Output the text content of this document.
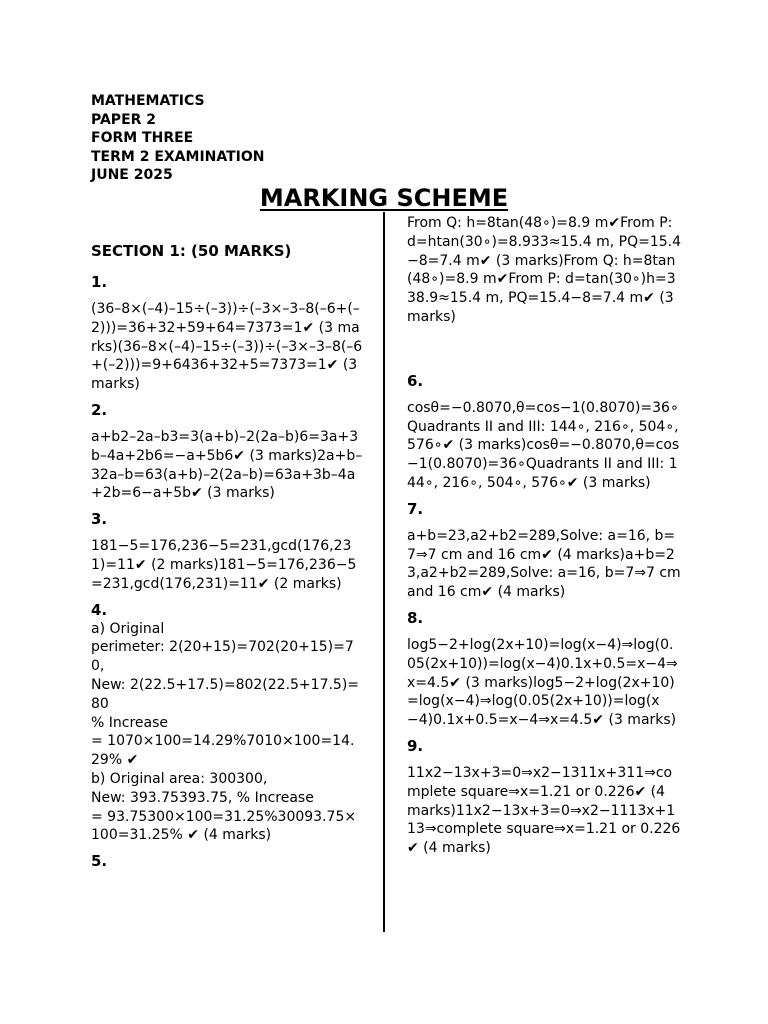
MATHEMATICS
PAPER 2
FORM THREE
TERM 2 EXAMINATION
JUNE 2025
MARKING SCHEME
SECTION 1: (50 MARKS)
1.
(36–8×(–4)–15÷(–3))÷(–3×–3–8(–6+(–2)))=36+32+59+64=7373=1✔ (3 marks)(36–8×(–4)–15÷(–3))÷(–3×–3–8(–6+(–2)))=9+6436+32+5=7373=1✔ (3 marks)
2.
a+b2–2a–b3=3(a+b)–2(2a–b)6=3a+3b–4a+2b6=−a+5b6✔ (3 marks)2a+b–32a–b=63(a+b)–2(2a–b)=63a+3b–4a+2b=6−a+5b✔ (3 marks)
3.
181−5=176,236−5=231,gcd(176,231)=11✔ (2 marks)181−5=176,236−5=231,gcd(176,231)=11✔ (2 marks)
4.
a) Original
perimeter: 2(20+15)=702(20+15)=70,
New: 2(22.5+17.5)=802(22.5+17.5)=80
% Increase
= 1070×100=14.29%7010×100=14.29% ✔
b) Original area: 300300,
New: 393.75393.75, % Increase
= 93.75300×100=31.25%30093.75×100=31.25% ✔ (4 marks)
5.
From Q: h=8tan(48∘)=8.9 m✔From P: d=htan(30∘)=8.933≈15.4 m, PQ=15.4−8=7.4 m✔ (3 marks)From Q: h=8tan(48∘)=8.9 m✔From P: d=tan(30∘)h=338.9≈15.4 m, PQ=15.4−8=7.4 m✔ (3 marks)
6.
cosθ=−0.8070,θ=cos−1(0.8070)=36∘Quadrants II and III: 144∘, 216∘, 504∘, 576∘✔ (3 marks)cosθ=−0.8070,θ=cos−1(0.8070)=36∘Quadrants II and III: 144∘, 216∘, 504∘, 576∘✔ (3 marks)
7.
a+b=23,a2+b2=289,Solve: a=16, b=7⇒7 cm and 16 cm✔ (4 marks)a+b=23,a2+b2=289,Solve: a=16, b=7⇒7 cm and 16 cm✔ (4 marks)
8.
log5−2+log(2x+10)=log(x−4)⇒log(0.05(2x+10))=log(x−4)0.1x+0.5=x−4⇒x=4.5✔ (3 marks)log5−2+log(2x+10)=log(x−4)⇒log(0.05(2x+10))=log(x−4)0.1x+0.5=x−4⇒x=4.5✔ (3 marks)
9.
11x2−13x+3=0⇒x2−1311x+311⇒complete square⇒x=1.21 or 0.226✔ (4 marks)11x2−13x+3=0⇒x2−1113x+113⇒complete square⇒x=1.21 or 0.226✔ (4 marks)
